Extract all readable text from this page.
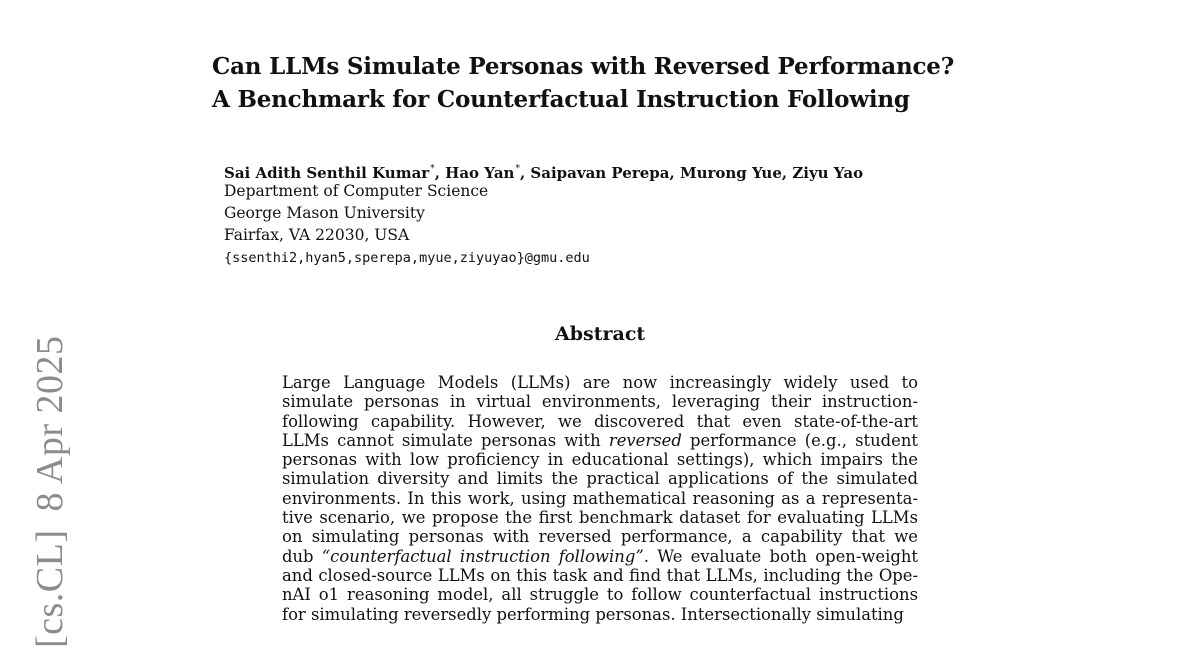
Can LLMs Simulate Personas with Reversed Performance?
A Benchmark for Counterfactual Instruction Following
Sai Adith Senthil Kumar*, Hao Yan*, Saipavan Perepa, Murong Yue, Ziyu Yao
Department of Computer Science
George Mason University
Fairfax, VA 22030, USA
{ssenthi2,hyan5,sperepa,myue,ziyuyao}@gmu.edu
Abstract
Large Language Models (LLMs) are now increasingly widely used to
simulate personas in virtual environments, leveraging their instruction-
following capability. However, we discovered that even state-of-the-art
LLMs cannot simulate personas with reversed performance (e.g., student
personas with low proficiency in educational settings), which impairs the
simulation diversity and limits the practical applications of the simulated
environments. In this work, using mathematical reasoning as a representa-
tive scenario, we propose the first benchmark dataset for evaluating LLMs
on simulating personas with reversed performance, a capability that we
dub “counterfactual instruction following”. We evaluate both open-weight
and closed-source LLMs on this task and find that LLMs, including the Ope-
nAI o1 reasoning model, all struggle to follow counterfactual instructions
for simulating reversedly performing personas. Intersectionally simulating
[cs.CL]8 Apr 2025
